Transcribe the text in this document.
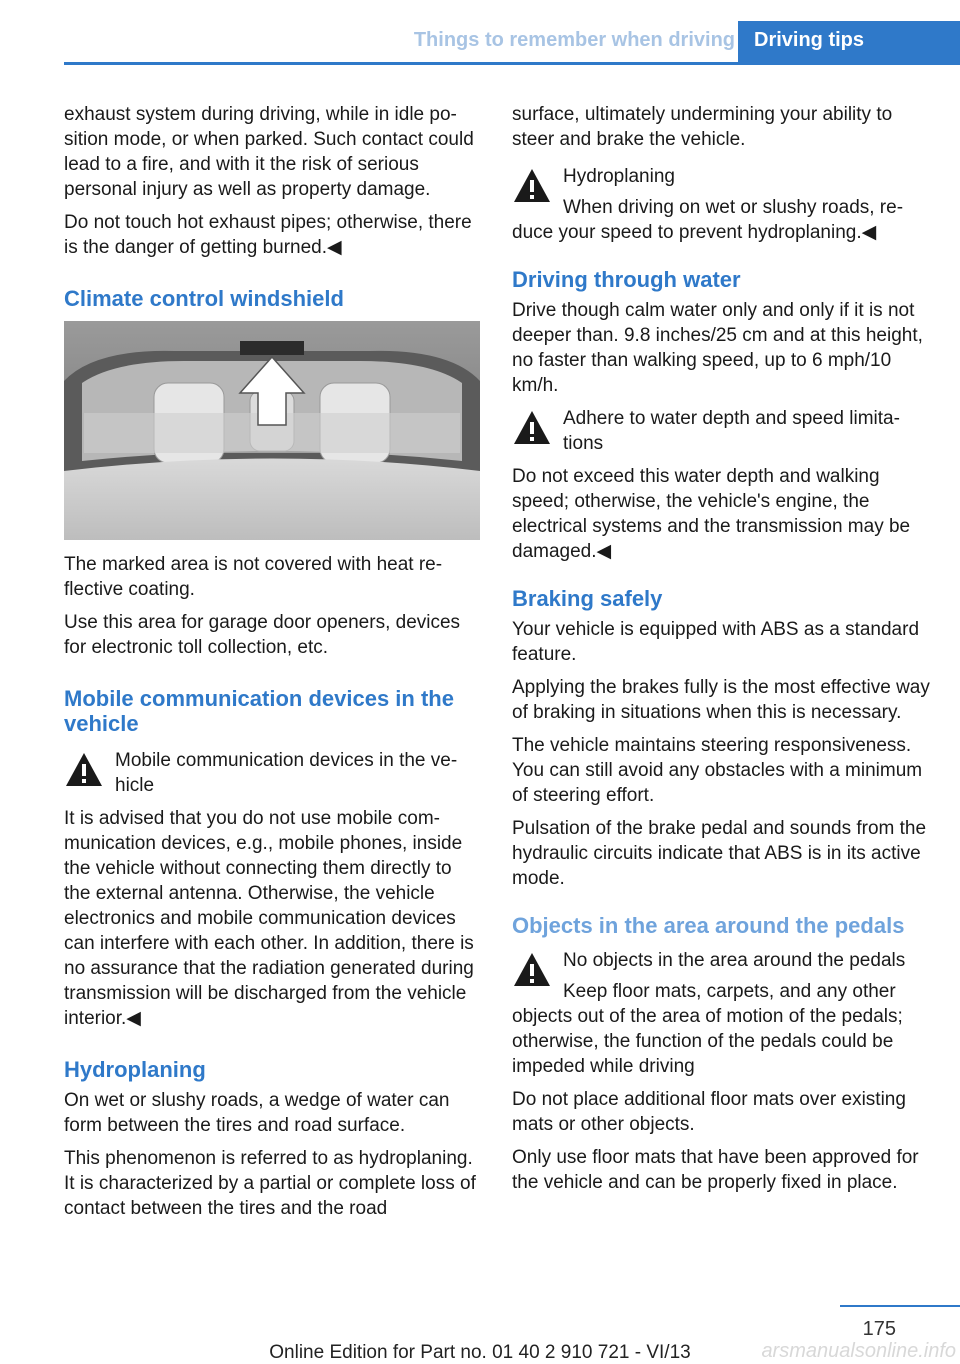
Things to remember when driving Driving tips

exhaust system during driving, while in idle position mode, or when parked. Such contact could lead to a fire, and with it the risk of serious personal injury as well as property damage.

Do not touch hot exhaust pipes; otherwise, there is the danger of getting burned.◀

Climate control windshield

The marked area is not covered with heat reflective coating.

Use this area for garage door openers, devices for electronic toll collection, etc.

Mobile communication devices in the vehicle

Mobile communication devices in the vehicle

It is advised that you do not use mobile communication devices, e.g., mobile phones, inside the vehicle without connecting them directly to the external antenna. Otherwise, the vehicle electronics and mobile communication devices can interfere with each other. In addition, there is no assurance that the radiation generated during transmission will be discharged from the vehicle interior.◀

Hydroplaning

On wet or slushy roads, a wedge of water can form between the tires and road surface.

This phenomenon is referred to as hydroplaning. It is characterized by a partial or complete loss of contact between the tires and the road

surface, ultimately undermining your ability to steer and brake the vehicle.

Hydroplaning

When driving on wet or slushy roads, reduce your speed to prevent hydroplaning.◀

Driving through water

Drive though calm water only and only if it is not deeper than. 9.8 inches/25 cm and at this height, no faster than walking speed, up to 6 mph/10 km/h.

Adhere to water depth and speed limitations

Do not exceed this water depth and walking speed; otherwise, the vehicle's engine, the electrical systems and the transmission may be damaged.◀

Braking safely

Your vehicle is equipped with ABS as a standard feature.

Applying the brakes fully is the most effective way of braking in situations when this is necessary.

The vehicle maintains steering responsiveness. You can still avoid any obstacles with a minimum of steering effort.

Pulsation of the brake pedal and sounds from the hydraulic circuits indicate that ABS is in its active mode.

Objects in the area around the pedals

No objects in the area around the pedals

Keep floor mats, carpets, and any other objects out of the area of motion of the pedals; otherwise, the function of the pedals could be impeded while driving

Do not place additional floor mats over existing mats or other objects.

Only use floor mats that have been approved for the vehicle and can be properly fixed in place.

175
Online Edition for Part no. 01 40 2 910 721 - VI/13	arsmanualsonline.info
